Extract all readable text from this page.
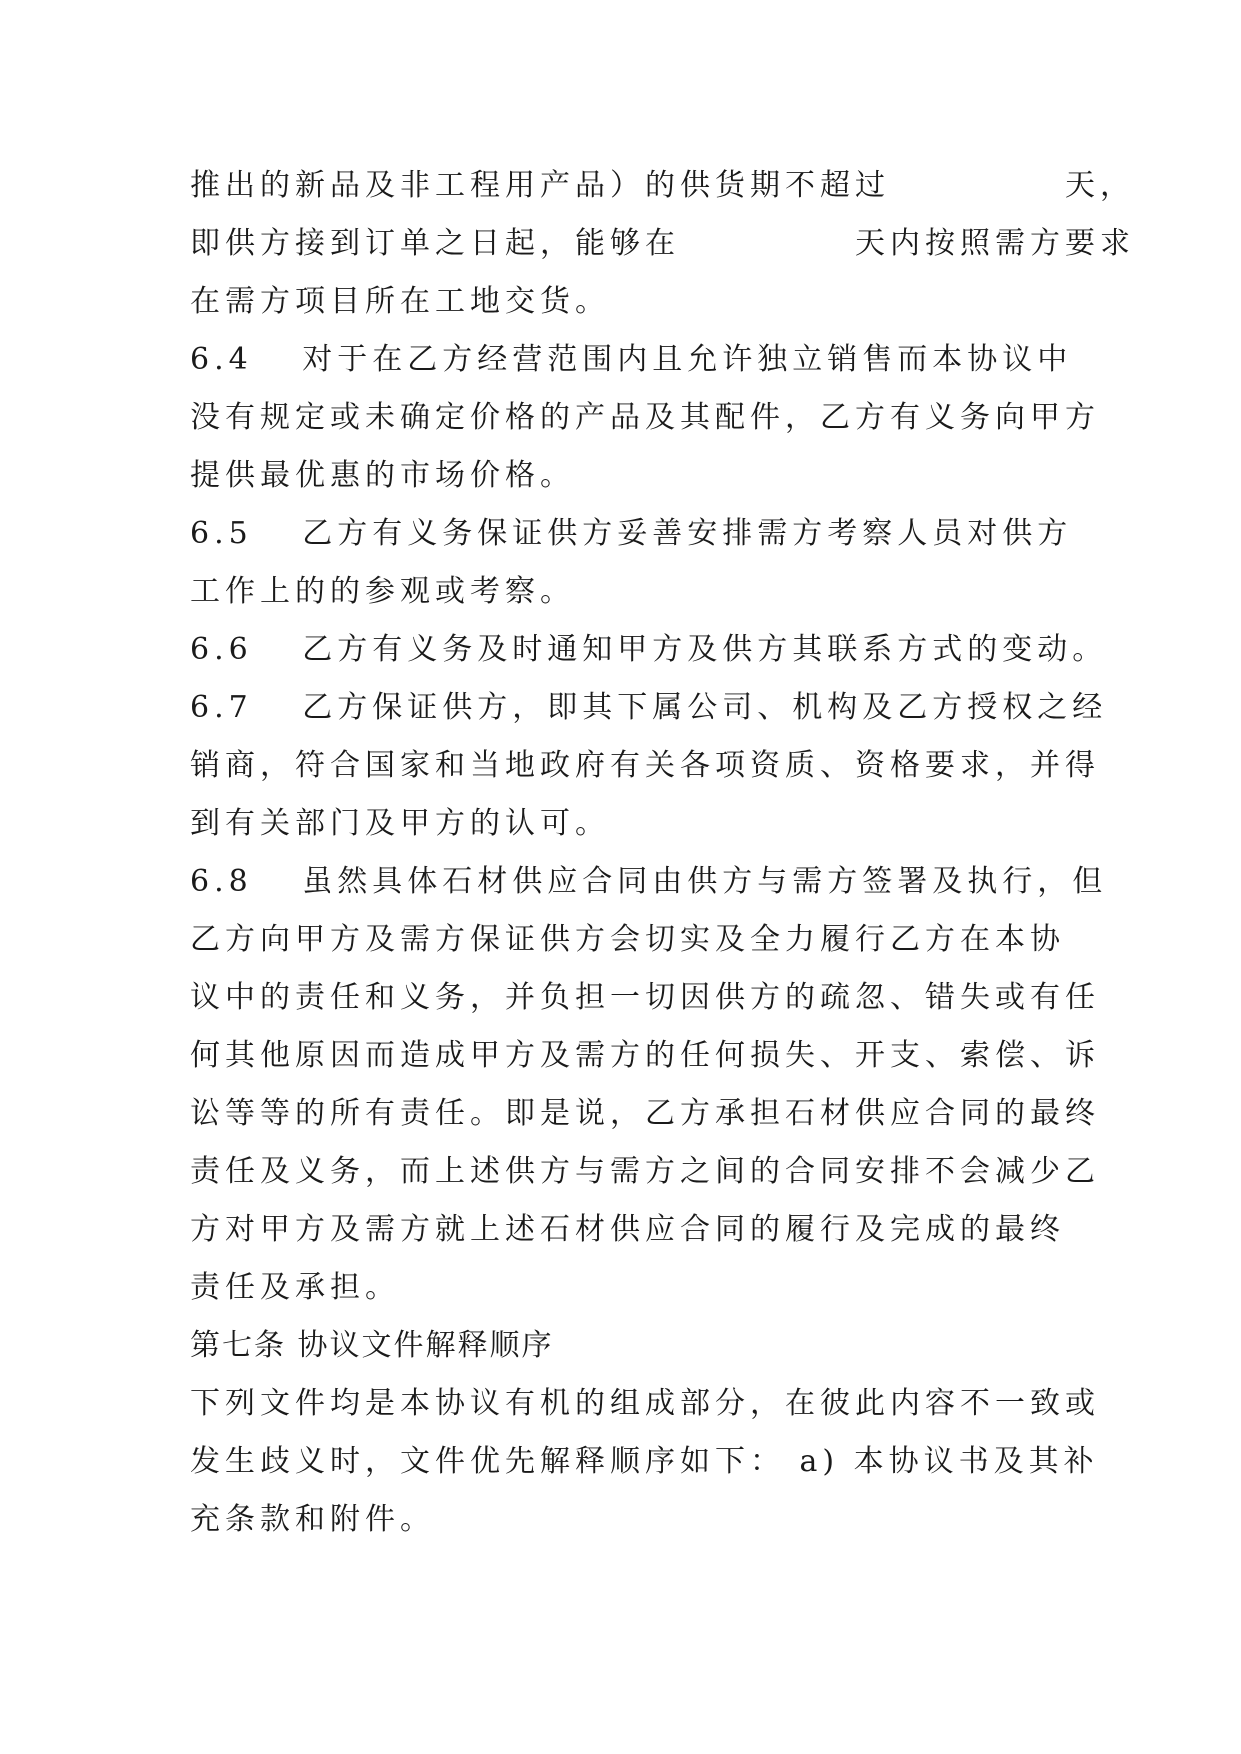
推出的新品及非工程用产品）的供货期不超过　　　　　天，
即供方接到订单之日起，能够在　　　　　天内按照需方要求
在需方项目所在工地交货。
6.4　 对于在乙方经营范围内且允许独立销售而本协议中
没有规定或未确定价格的产品及其配件，乙方有义务向甲方
提供最优惠的市场价格。
6.5　 乙方有义务保证供方妥善安排需方考察人员对供方
工作上的的参观或考察。
6.6　 乙方有义务及时通知甲方及供方其联系方式的变动。
6.7　 乙方保证供方，即其下属公司、机构及乙方授权之经
销商，符合国家和当地政府有关各项资质、资格要求，并得
到有关部门及甲方的认可。
6.8　 虽然具体石材供应合同由供方与需方签署及执行，但
乙方向甲方及需方保证供方会切实及全力履行乙方在本协
议中的责任和义务，并负担一切因供方的疏忽、错失或有任
何其他原因而造成甲方及需方的任何损失、开支、索偿、诉
讼等等的所有责任。即是说，乙方承担石材供应合同的最终
责任及义务，而上述供方与需方之间的合同安排不会减少乙
方对甲方及需方就上述石材供应合同的履行及完成的最终
责任及承担。
第七条 协议文件解释顺序
下列文件均是本协议有机的组成部分，在彼此内容不一致或
发生歧义时，文件优先解释顺序如下： a) 本协议书及其补
充条款和附件。
